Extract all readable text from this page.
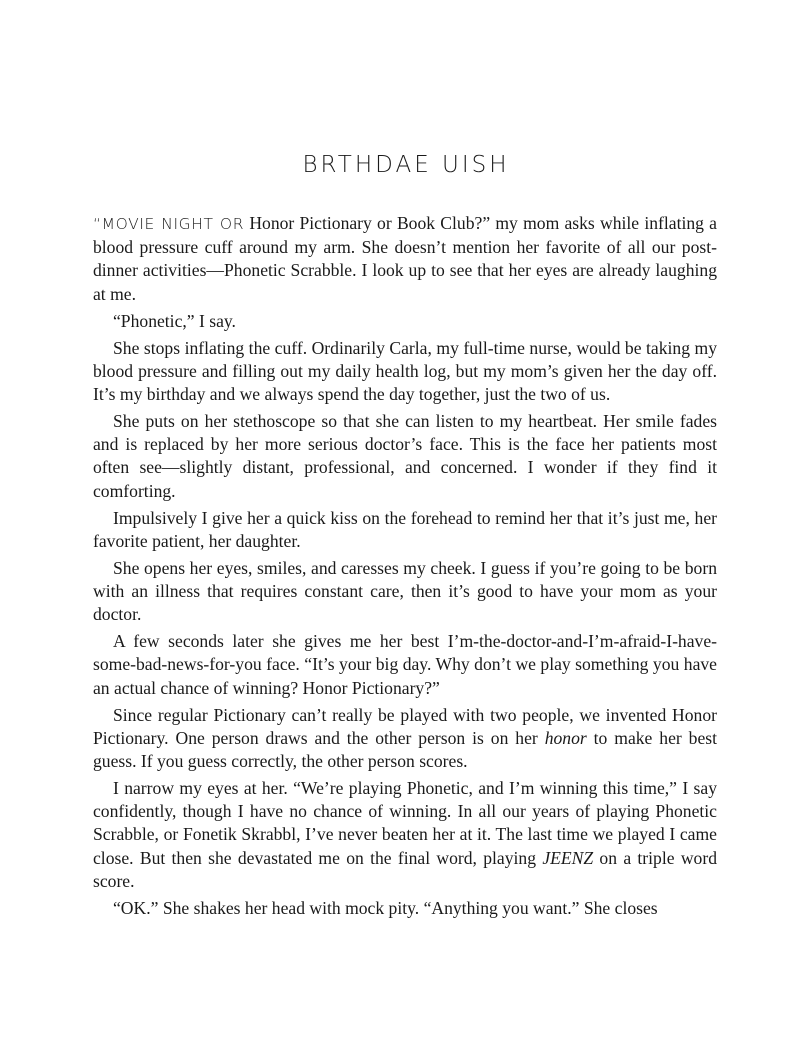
BRTHDAE UISH

“MOVIE NIGHT OR Honor Pictionary or Book Club?” my mom asks while inflating a blood pressure cuff around my arm. She doesn’t mention her favorite of all our post-dinner activities—Phonetic Scrabble. I look up to see that her eyes are already laughing at me.

“Phonetic,” I say.

She stops inflating the cuff. Ordinarily Carla, my full-time nurse, would be taking my blood pressure and filling out my daily health log, but my mom’s given her the day off. It’s my birthday and we always spend the day together, just the two of us.

She puts on her stethoscope so that she can listen to my heartbeat. Her smile fades and is replaced by her more serious doctor’s face. This is the face her patients most often see—slightly distant, professional, and concerned. I wonder if they find it comforting.

Impulsively I give her a quick kiss on the forehead to remind her that it’s just me, her favorite patient, her daughter.

She opens her eyes, smiles, and caresses my cheek. I guess if you’re going to be born with an illness that requires constant care, then it’s good to have your mom as your doctor.

A few seconds later she gives me her best I’m-the-doctor-and-I’m-afraid-I-have-some-bad-news-for-you face. “It’s your big day. Why don’t we play something you have an actual chance of winning? Honor Pictionary?”

Since regular Pictionary can’t really be played with two people, we invented Honor Pictionary. One person draws and the other person is on her honor to make her best guess. If you guess correctly, the other person scores.

I narrow my eyes at her. “We’re playing Phonetic, and I’m winning this time,” I say confidently, though I have no chance of winning. In all our years of playing Phonetic Scrabble, or Fonetik Skrabbl, I’ve never beaten her at it. The last time we played I came close. But then she devastated me on the final word, playing JEENZ on a triple word score.

“OK.” She shakes her head with mock pity. “Anything you want.” She closes
